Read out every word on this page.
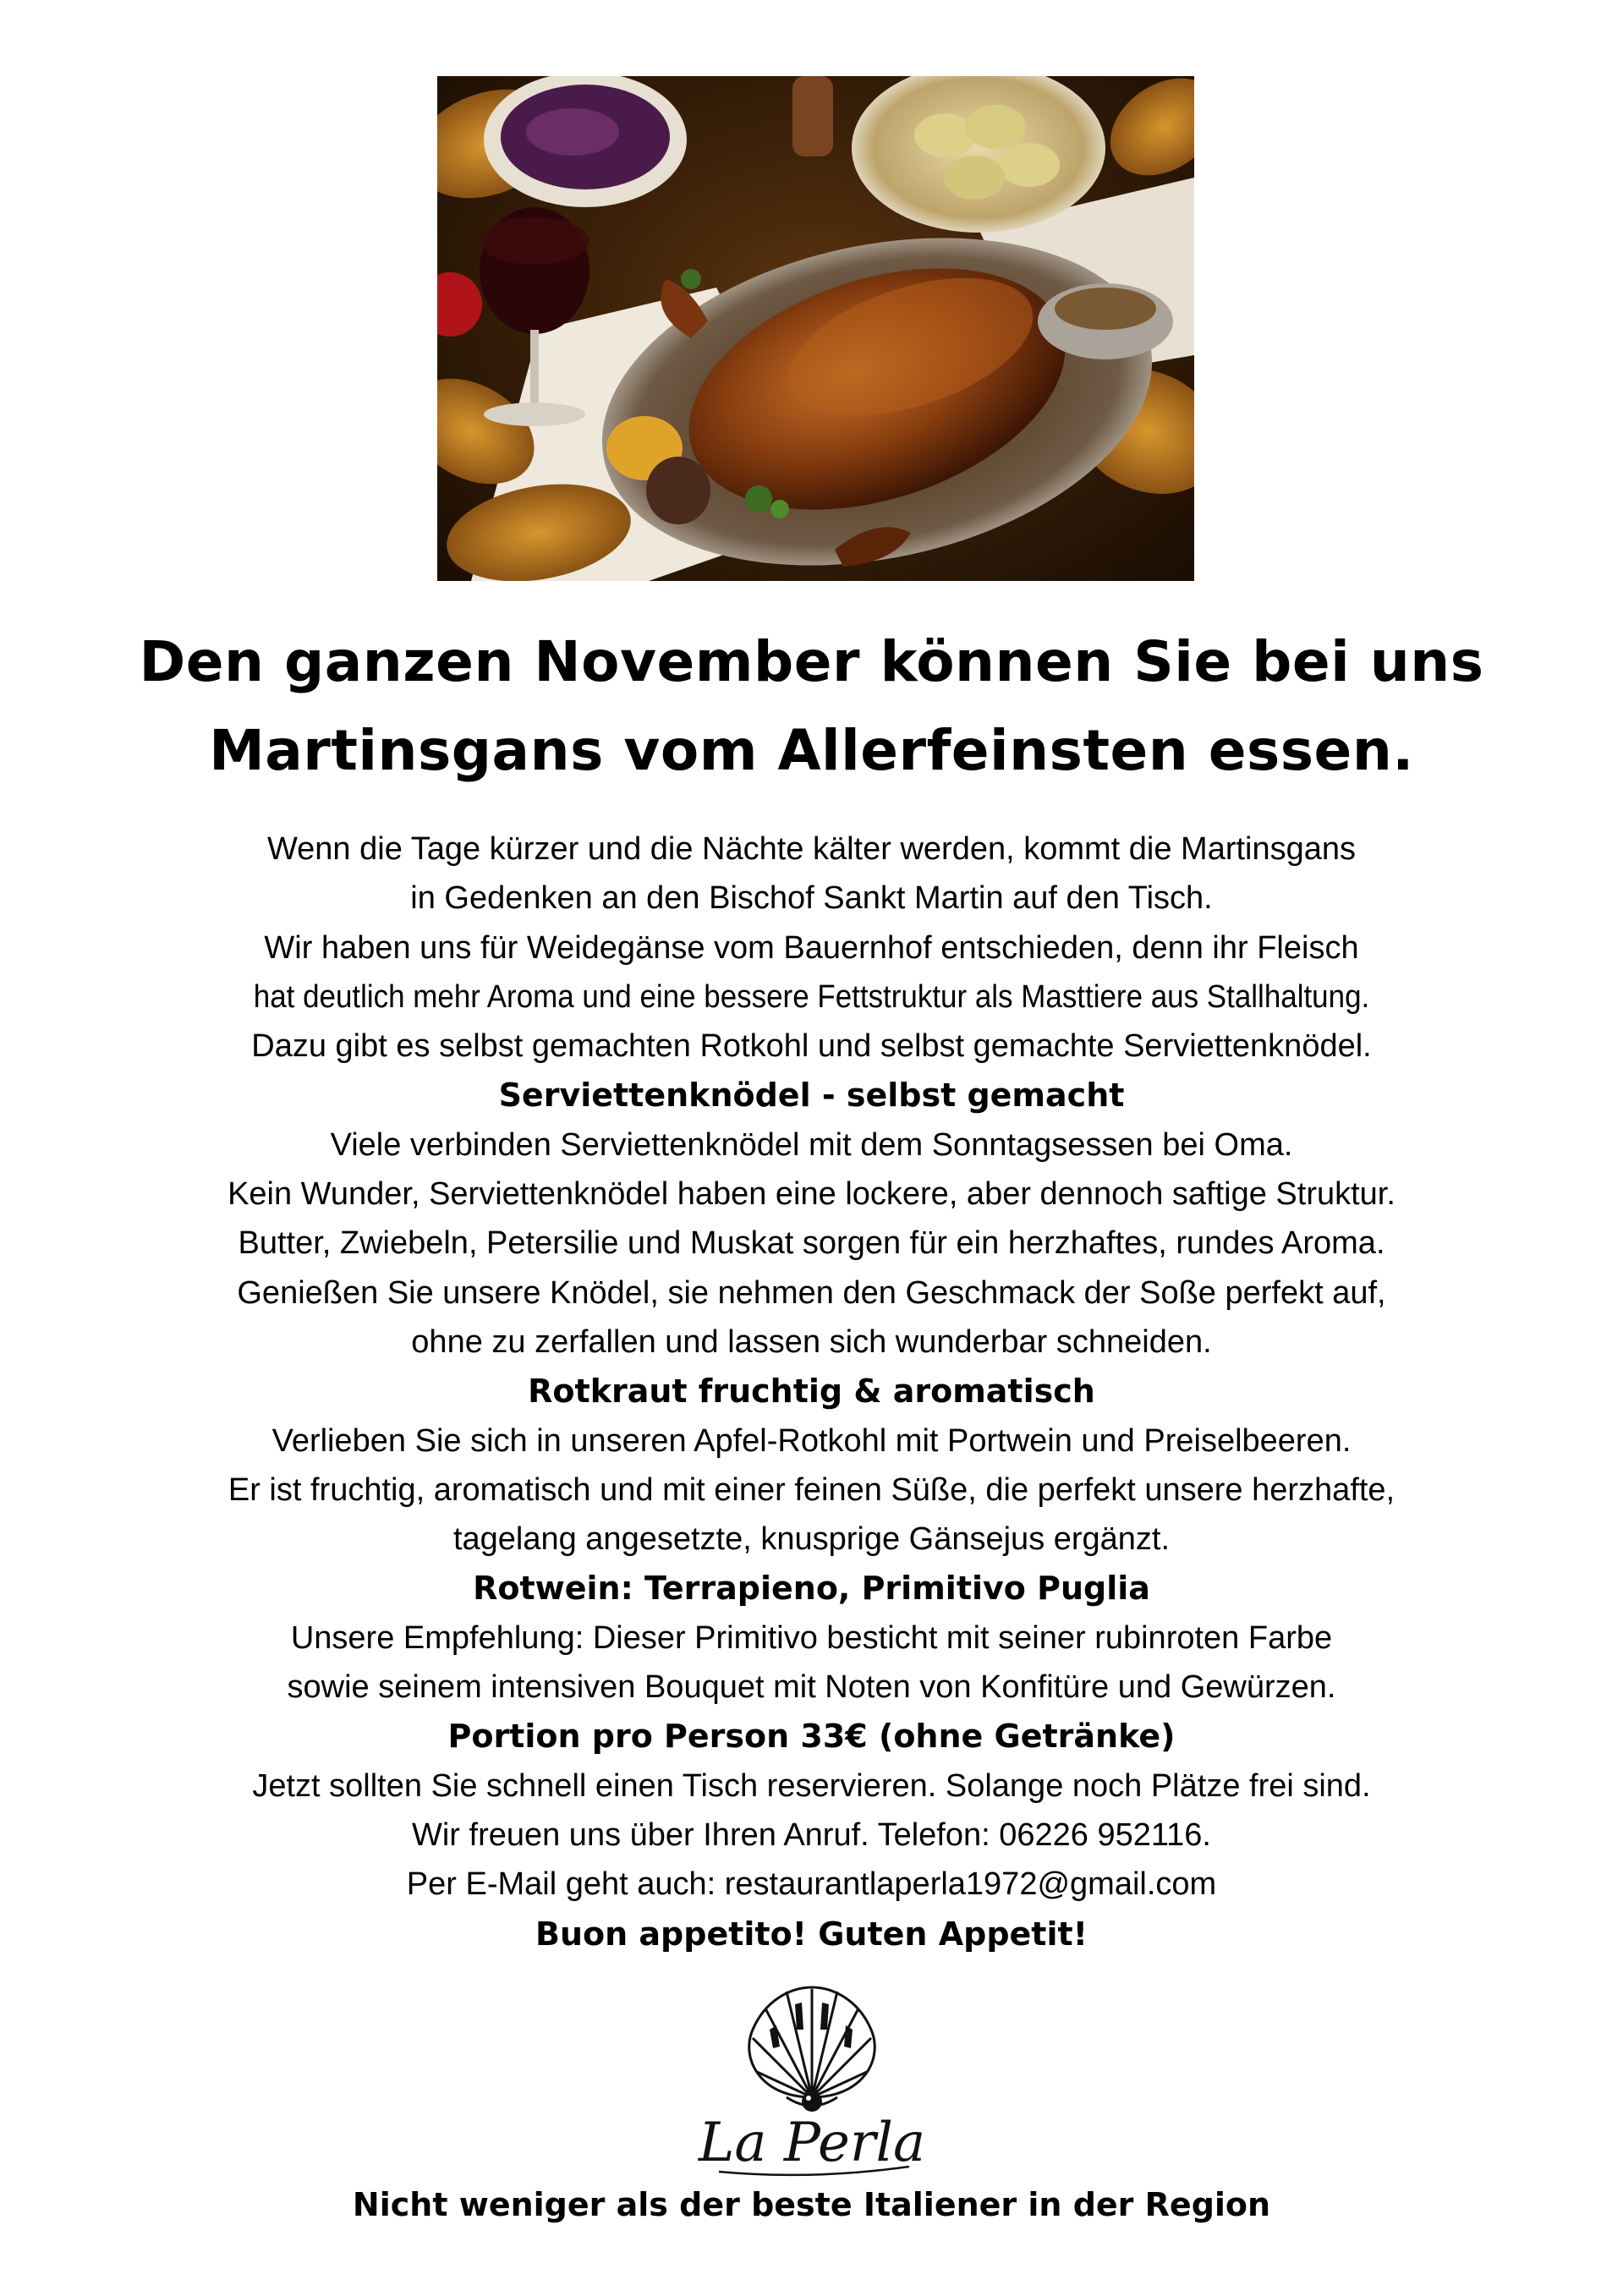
Den ganzen November können Sie bei uns
Martinsgans vom Allerfeinsten essen.
Wenn die Tage kürzer und die Nächte kälter werden, kommt die Martinsgans
in Gedenken an den Bischof Sankt Martin auf den Tisch.
Wir haben uns für Weidegänse vom Bauernhof entschieden, denn ihr Fleisch
hat deutlich mehr Aroma und eine bessere Fettstruktur als Masttiere aus Stallhaltung.
Dazu gibt es selbst gemachten Rotkohl und selbst gemachte Serviettenknödel.
Serviettenknödel - selbst gemacht
Viele verbinden Serviettenknödel mit dem Sonntagsessen bei Oma.
Kein Wunder, Serviettenknödel haben eine lockere, aber dennoch saftige Struktur.
Butter, Zwiebeln, Petersilie und Muskat sorgen für ein herzhaftes, rundes Aroma.
Genießen Sie unsere Knödel, sie nehmen den Geschmack der Soße perfekt auf,
ohne zu zerfallen und lassen sich wunderbar schneiden.
Rotkraut fruchtig & aromatisch
Verlieben Sie sich in unseren Apfel-Rotkohl mit Portwein und Preiselbeeren.
Er ist fruchtig, aromatisch und mit einer feinen Süße, die perfekt unsere herzhafte,
tagelang angesetzte, knusprige Gänsejus ergänzt.
Rotwein: Terrapieno, Primitivo Puglia
Unsere Empfehlung: Dieser Primitivo besticht mit seiner rubinroten Farbe
sowie seinem intensiven Bouquet mit Noten von Konfitüre und Gewürzen.
Portion pro Person 33€ (ohne Getränke)
Jetzt sollten Sie schnell einen Tisch reservieren. Solange noch Plätze frei sind.
Wir freuen uns über Ihren Anruf. Telefon: 06226 952116.
Per E-Mail geht auch: restaurantlaperla1972@gmail.com
Buon appetito! Guten Appetit!
La Perla
Nicht weniger als der beste Italiener in der Region
